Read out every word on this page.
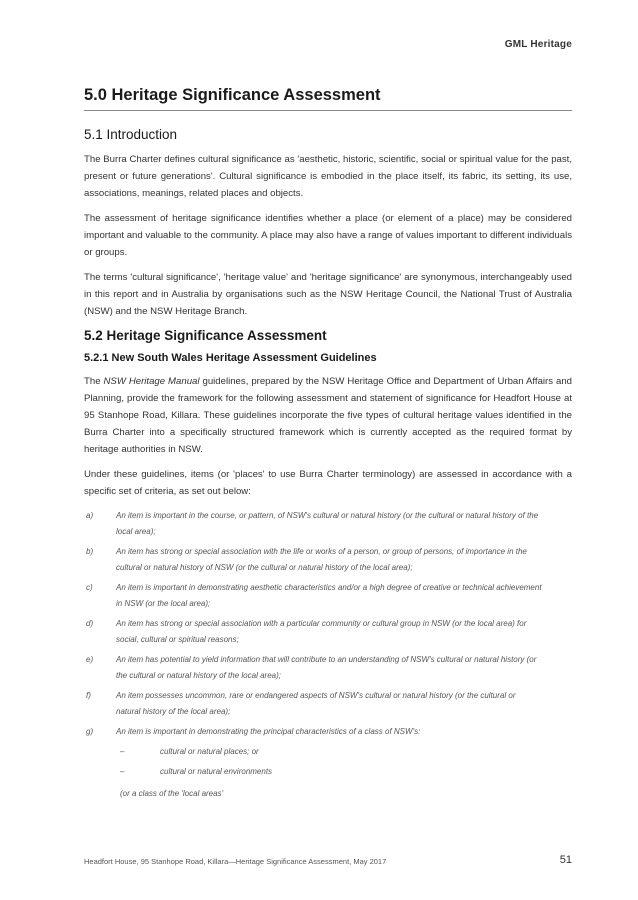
GML Heritage
5.0 Heritage Significance Assessment
5.1 Introduction

The Burra Charter defines cultural significance as 'aesthetic, historic, scientific, social or spiritual value for the past, present or future generations'. Cultural significance is embodied in the place itself, its fabric, its setting, its use, associations, meanings, related places and objects.

The assessment of heritage significance identifies whether a place (or element of a place) may be considered important and valuable to the community. A place may also have a range of values important to different individuals or groups.

The terms 'cultural significance', 'heritage value' and 'heritage significance' are synonymous, interchangeably used in this report and in Australia by organisations such as the NSW Heritage Council, the National Trust of Australia (NSW) and the NSW Heritage Branch.

5.2 Heritage Significance Assessment
5.2.1 New South Wales Heritage Assessment Guidelines

The NSW Heritage Manual guidelines, prepared by the NSW Heritage Office and Department of Urban Affairs and Planning, provide the framework for the following assessment and statement of significance for Headfort House at 95 Stanhope Road, Killara. These guidelines incorporate the five types of cultural heritage values identified in the Burra Charter into a specifically structured framework which is currently accepted as the required format by heritage authorities in NSW.

Under these guidelines, items (or 'places' to use Burra Charter terminology) are assessed in accordance with a specific set of criteria, as set out below:

a)	An item is important in the course, or pattern, of NSW's cultural or natural history (or the cultural or natural history of the local area);
b)	An item has strong or special association with the life or works of a person, or group of persons, of importance in the cultural or natural history of NSW (or the cultural or natural history of the local area);
c)	An item is important in demonstrating aesthetic characteristics and/or a high degree of creative or technical achievement in NSW (or the local area);
d)	An item has strong or special association with a particular community or cultural group in NSW (or the local area) for social, cultural or spiritual reasons;
e)	An item has potential to yield information that will contribute to an understanding of NSW's cultural or natural history (or the cultural or natural history of the local area);
f)	An item possesses uncommon, rare or endangered aspects of NSW's cultural or natural history (or the cultural or natural history of the local area);
g)	An item is important in demonstrating the principal characteristics of a class of NSW's:
–	cultural or natural places; or
–	cultural or natural environments
(or a class of the 'local areas'
Headfort House, 95 Stanhope Road, Killara—Heritage Significance Assessment, May 2017	51
